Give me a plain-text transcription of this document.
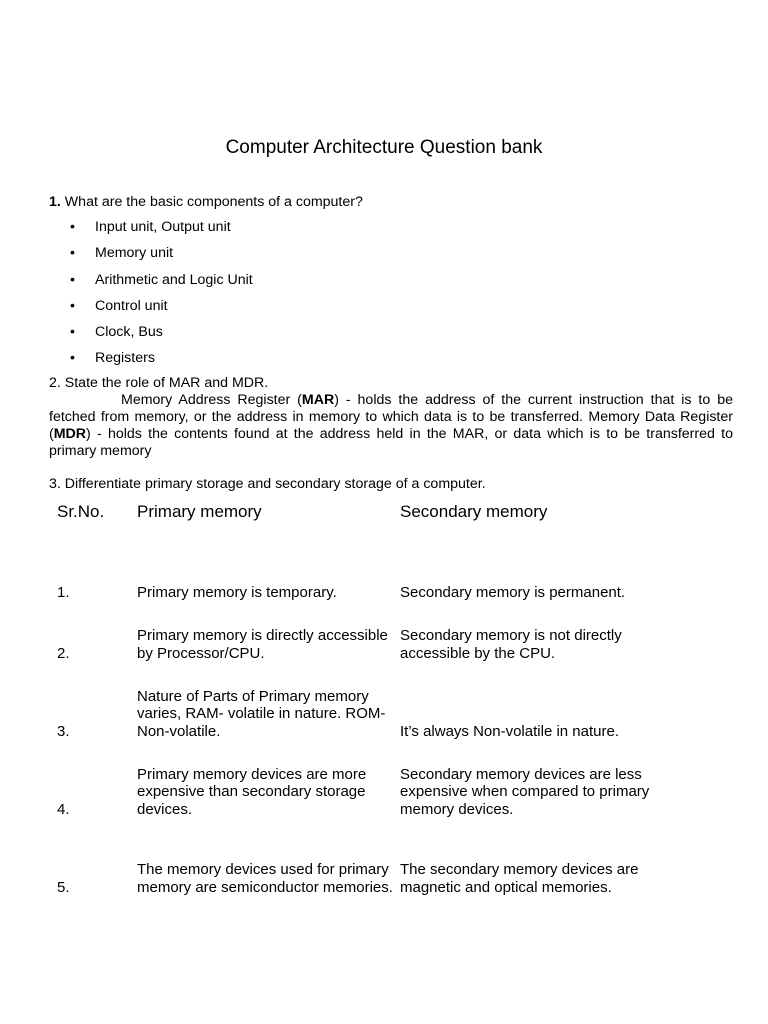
Computer Architecture Question bank
1. What are the basic components of a computer?
• Input unit, Output unit
• Memory unit
• Arithmetic and Logic Unit
• Control unit
• Clock, Bus
• Registers
2. State the role of MAR and MDR.

Memory Address Register (MAR) - holds the address of the current instruction that is to be fetched from memory, or the address in memory to which data is to be transferred. Memory Data Register (MDR) - holds the contents found at the address held in the MAR, or data which is to be transferred to primary memory

3. Differentiate primary storage and secondary storage of a computer.
Sr.No.	Primary memory	Secondary memory
1.	Primary memory is temporary.	Secondary memory is permanent.
2.	Primary memory is directly accessible by Processor/CPU.	Secondary memory is not directly accessible by the CPU.
3.	Nature of Parts of Primary memory varies, RAM- volatile in nature. ROM- Non-volatile.	It’s always Non-volatile in nature.
4.	Primary memory devices are more expensive than secondary storage devices.	Secondary memory devices are less expensive when compared to primary memory devices.
5.	The memory devices used for primary memory are semiconductor memories.	The secondary memory devices are magnetic and optical memories.
